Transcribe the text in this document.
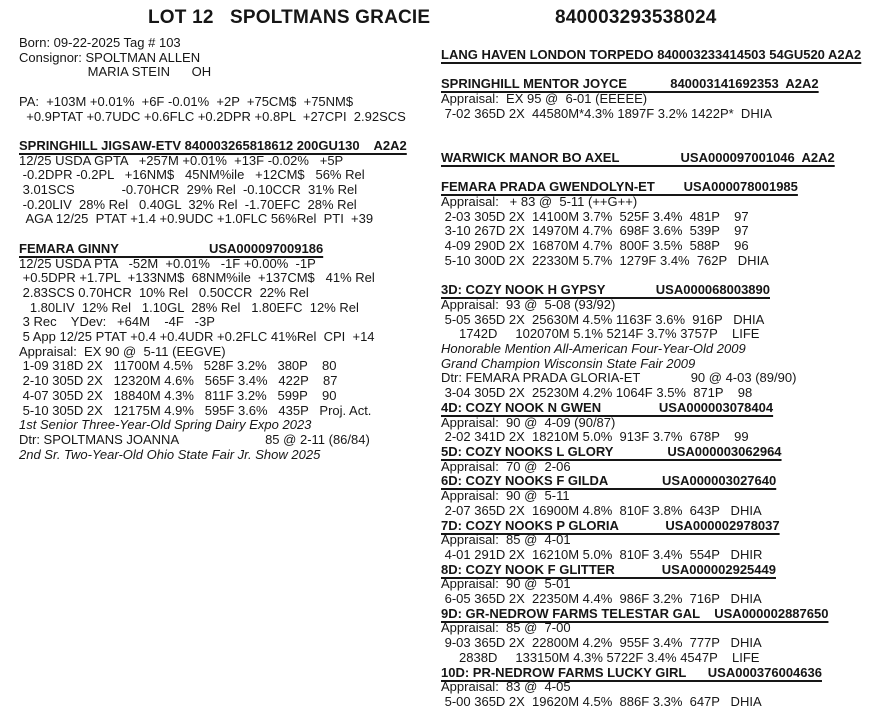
LOT 12   SPOLTMANS GRACIE	840003293538024
Born: 09-22-2025 Tag # 103
Consignor: SPOLTMAN ALLEN
MARIA STEIN      OH

PA:  +103M +0.01%  +6F -0.01%  +2P  +75CM$  +75NM$
+0.9PTAT +0.7UDC +0.6FLC +0.2DPR +0.8PL  +27CPI  2.92SCS

SPRINGHILL JIGSAW-ETV 840003265818612 200GU130    A2A2
12/25 USDA GPTA   +257M +0.01%  +13F -0.02%   +5P
-0.2DPR -0.2PL   +16NM$   45NM%ile   +12CM$   56% Rel
3.01SCS             -0.70HCR  29% Rel  -0.10CCR  31% Rel
-0.20LIV  28% Rel   0.40GL  32% Rel  -1.70EFC  28% Rel
AGA 12/25  PTAT +1.4 +0.9UDC +1.0FLC 56%Rel  PTI  +39

FEMARA GINNY                         USA000097009186
12/25 USDA PTA   -52M  +0.01%   -1F +0.00%  -1P
+0.5DPR +1.7PL  +133NM$  68NM%ile  +137CM$   41% Rel
2.83SCS 0.70HCR  10% Rel   0.50CCR  22% Rel
1.80LIV  12% Rel   1.10GL  28% Rel   1.80EFC  12% Rel
3 Rec    YDev:   +64M    -4F   -3P
5 App 12/25 PTAT +0.4 +0.4UDR +0.2FLC 41%Rel  CPI  +14
Appraisal:  EX 90 @  5-11 (EEGVE)
1-09 318D 2X   11700M 4.5%   528F 3.2%   380P    80
2-10 305D 2X   12320M 4.6%   565F 3.4%   422P    87
4-07 305D 2X   18840M 4.3%   811F 3.2%   599P    90
5-10 305D 2X   12175M 4.9%   595F 3.6%   435P   Proj. Act.
1st Senior Three-Year-Old Spring Dairy Expo 2023
Dtr: SPOLTMANS JOANNA                        85 @ 2-11 (86/84)
2nd Sr. Two-Year-Old Ohio State Fair Jr. Show 2025
LANG HAVEN LONDON TORPEDO 840003233414503 54GU520 A2A2

SPRINGHILL MENTOR JOYCE            840003141692353  A2A2
Appraisal:  EX 95 @  6-01 (EEEEE)
7-02 365D 2X  44580M*4.3% 1897F 3.2% 1422P*  DHIA

WARWICK MANOR BO AXEL                 USA000097001046  A2A2

FEMARA PRADA GWENDOLYN-ET        USA000078001985
Appraisal:   + 83 @  5-11 (++G++)
2-03 305D 2X  14100M 3.7%  525F 3.4%  481P    97
3-10 267D 2X  14970M 4.7%  698F 3.6%  539P    97
4-09 290D 2X  16870M 4.7%  800F 3.5%  588P    96
5-10 300D 2X  22330M 5.7%  1279F 3.4%  762P   DHIA

3D: COZY NOOK H GYPSY              USA000068003890
Appraisal:  93 @  5-08 (93/92)
5-05 365D 2X  25630M 4.5% 1163F 3.6%  916P   DHIA
1742D     102070M 5.1% 5214F 3.7% 3757P    LIFE
Honorable Mention All-American Four-Year-Old 2009
Grand Champion Wisconsin State Fair 2009
Dtr: FEMARA PRADA GLORIA-ET              90 @ 4-03 (89/90)
3-04 305D 2X  25230M 4.2% 1064F 3.5%  871P    98
4D: COZY NOOK N GWEN                USA000003078404
Appraisal:  90 @  4-09 (90/87)
2-02 341D 2X  18210M 5.0%  913F 3.7%  678P    99
5D: COZY NOOKS L GLORY               USA000003062964
Appraisal:  70 @  2-06
6D: COZY NOOKS F GILDA               USA000003027640
Appraisal:  90 @  5-11
2-07 365D 2X  16900M 4.8%  810F 3.8%  643P   DHIA
7D: COZY NOOKS P GLORIA             USA000002978037
Appraisal:  85 @  4-01
4-01 291D 2X  16210M 5.0%  810F 3.4%  554P   DHIR
8D: COZY NOOK F GLITTER             USA000002925449
Appraisal:  90 @  5-01
6-05 365D 2X  22350M 4.4%  986F 3.2%  716P   DHIA
9D: GR-NEDROW FARMS TELESTAR GAL    USA000002887650
Appraisal:  85 @  7-00
9-03 365D 2X  22800M 4.2%  955F 3.4%  777P   DHIA
2838D     133150M 4.3% 5722F 3.4% 4547P    LIFE
10D: PR-NEDROW FARMS LUCKY GIRL      USA000376004636
Appraisal:  83 @  4-05
5-00 365D 2X  19620M 4.5%  886F 3.3%  647P   DHIA
